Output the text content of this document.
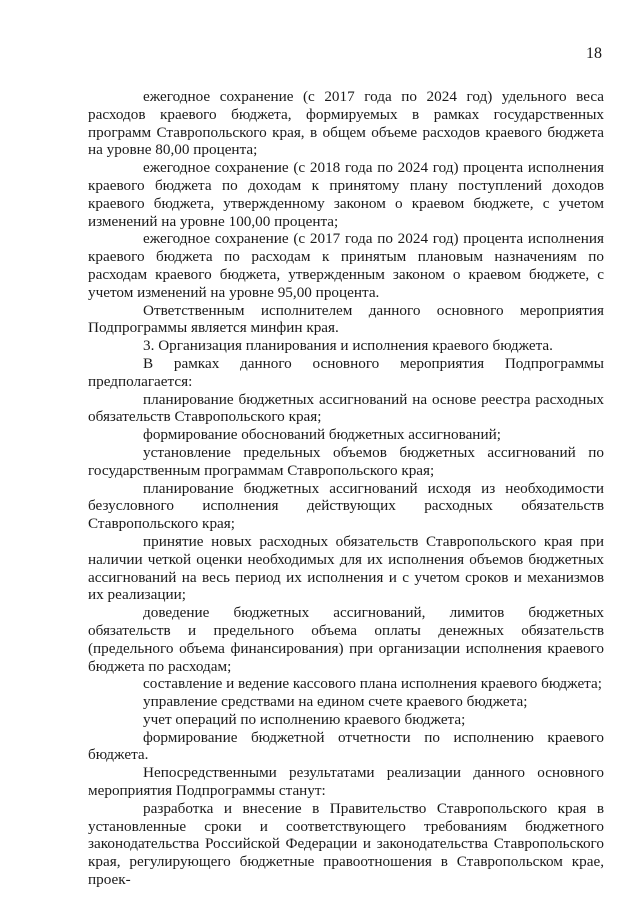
18

ежегодное сохранение (с 2017 года по 2024 год) удельного веса расходов краевого бюджета, формируемых в рамках государственных программ Ставропольского края, в общем объеме расходов краевого бюджета на уровне 80,00 процента;

ежегодное сохранение (с 2018 года по 2024 год) процента исполнения краевого бюджета по доходам к принятому плану поступлений доходов краевого бюджета, утвержденному законом о краевом бюджете, с учетом изменений на уровне 100,00 процента;

ежегодное сохранение (с 2017 года по 2024 год) процента исполнения краевого бюджета по расходам к принятым плановым назначениям по расходам краевого бюджета, утвержденным законом о краевом бюджете, с учетом изменений на уровне 95,00 процента.

Ответственным исполнителем данного основного мероприятия Подпрограммы является минфин края.

3. Организация планирования и исполнения краевого бюджета.

В рамках данного основного мероприятия Подпрограммы предполагается:

планирование бюджетных ассигнований на основе реестра расходных обязательств Ставропольского края;

формирование обоснований бюджетных ассигнований;

установление предельных объемов бюджетных ассигнований по государственным программам Ставропольского края;

планирование бюджетных ассигнований исходя из необходимости безусловного исполнения действующих расходных обязательств Ставропольского края;

принятие новых расходных обязательств Ставропольского края при наличии четкой оценки необходимых для их исполнения объемов бюджетных ассигнований на весь период их исполнения и с учетом сроков и механизмов их реализации;

доведение бюджетных ассигнований, лимитов бюджетных обязательств и предельного объема оплаты денежных обязательств (предельного объема финансирования) при организации исполнения краевого бюджета по расходам;

составление и ведение кассового плана исполнения краевого бюджета;

управление средствами на едином счете краевого бюджета;

учет операций по исполнению краевого бюджета;

формирование бюджетной отчетности по исполнению краевого бюджета.

Непосредственными результатами реализации данного основного мероприятия Подпрограммы станут:

разработка и внесение в Правительство Ставропольского края в установленные сроки и соответствующего требованиям бюджетного законодательства Российской Федерации и законодательства Ставропольского края, регулирующего бюджетные правоотношения в Ставропольском крае, проек-
